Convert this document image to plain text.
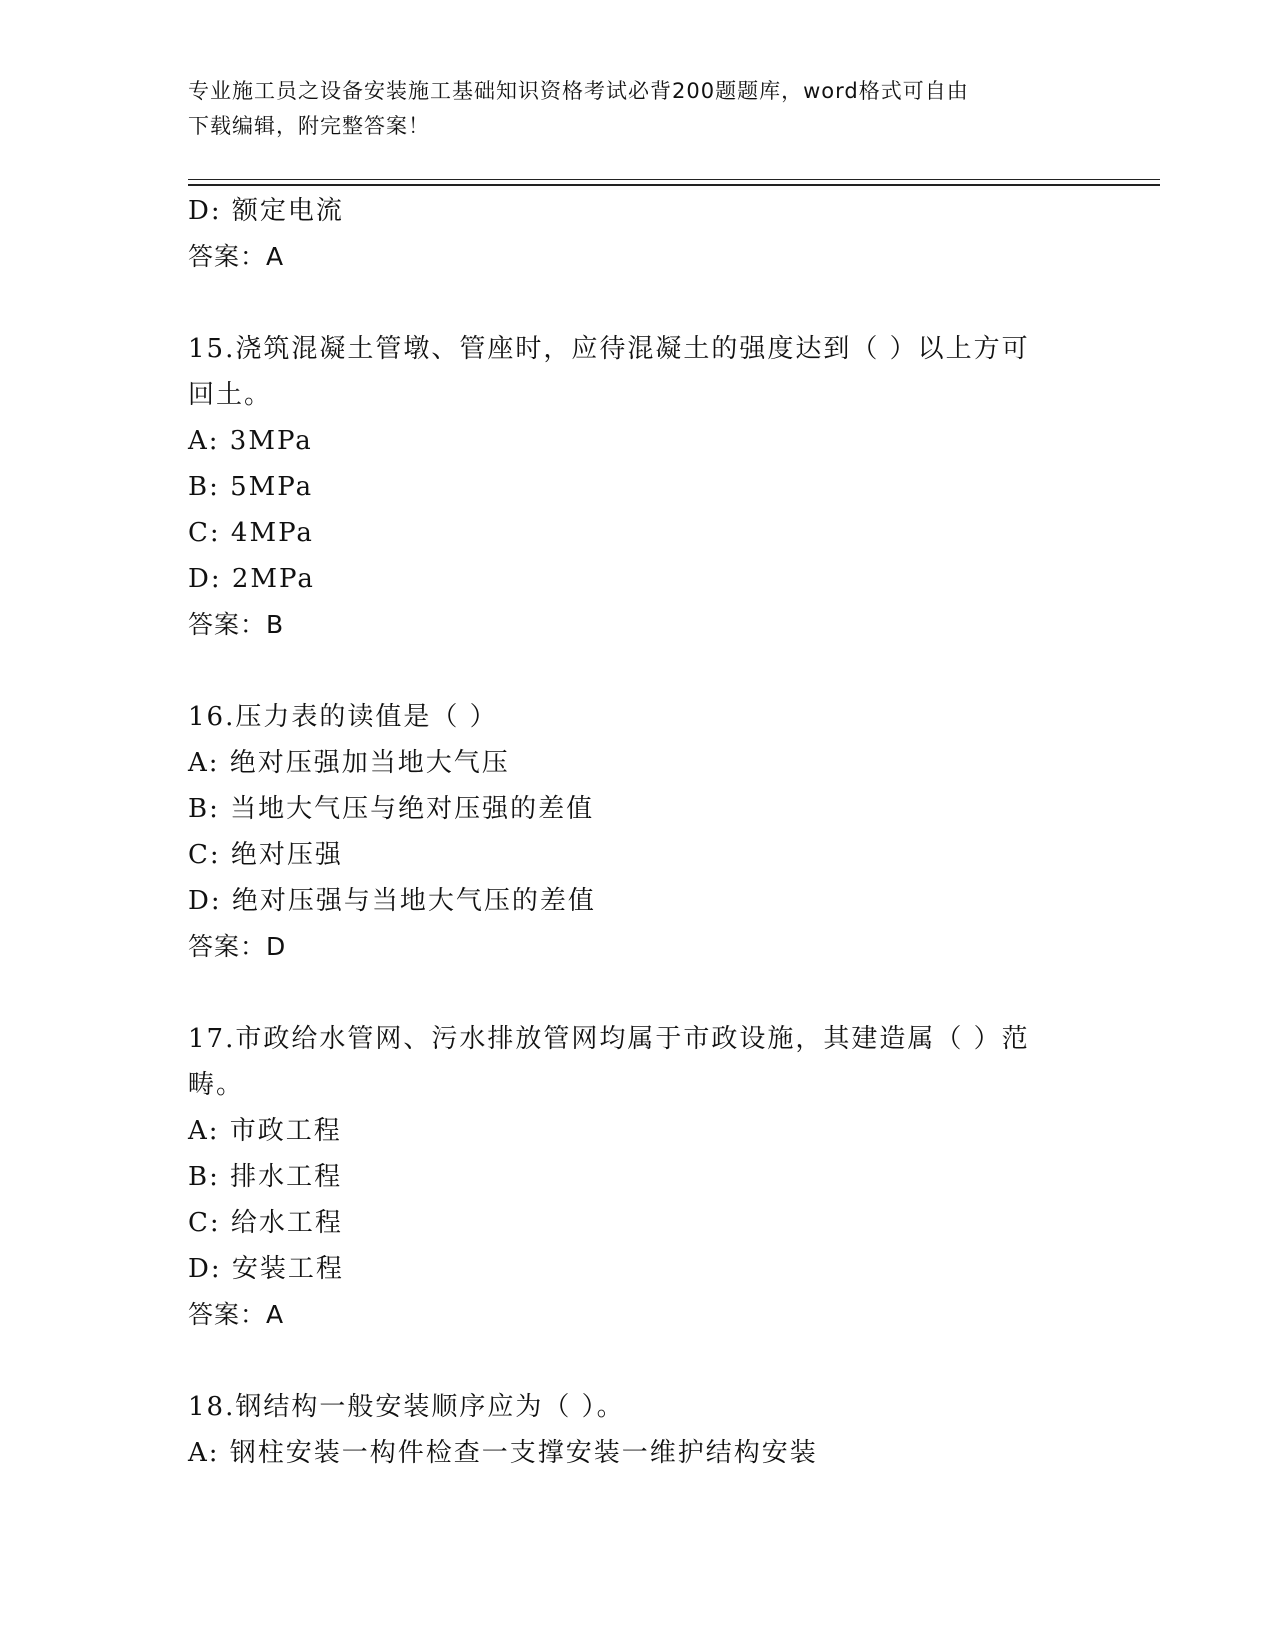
专业施工员之设备安装施工基础知识资格考试必背200题题库，word格式可自由
下载编辑，附完整答案！
D: 额定电流
答案：A
15.浇筑混凝土管墩、管座时，应待混凝土的强度达到（ ）以上方可
回土。
A: 3MPa
B: 5MPa
C: 4MPa
D: 2MPa
答案：B
16.压力表的读值是（ ）
A: 绝对压强加当地大气压
B: 当地大气压与绝对压强的差值
C: 绝对压强
D: 绝对压强与当地大气压的差值
答案：D
17.市政给水管网、污水排放管网均属于市政设施，其建造属（ ）范
畴。
A: 市政工程
B: 排水工程
C: 给水工程
D: 安装工程
答案：A
18.钢结构一般安装顺序应为（ ）。
A: 钢柱安装一构件检查一支撑安装一维护结构安装
